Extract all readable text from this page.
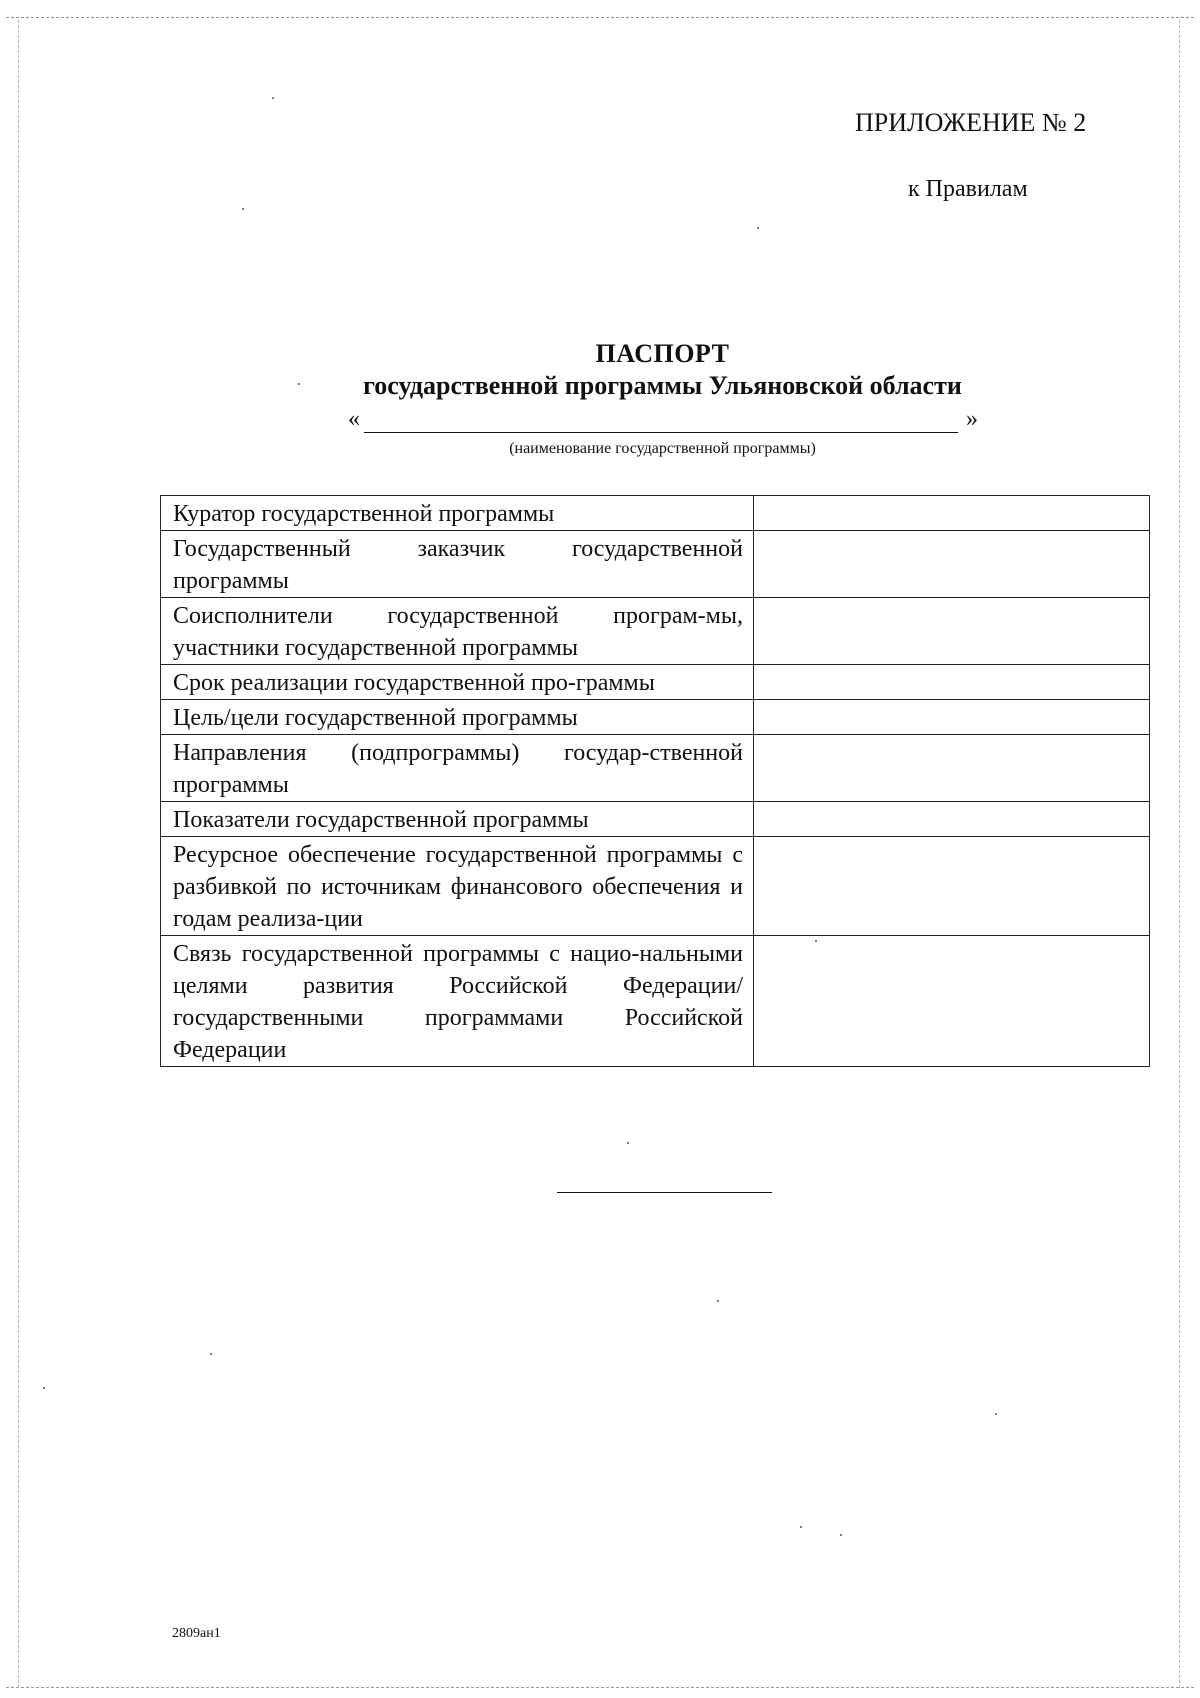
ПРИЛОЖЕНИЕ № 2
к Правилам
ПАСПОРТ
государственной программы Ульяновской области
«	»
(наименование государственной программы)
Куратор государственной программы	
Государственный заказчик государственной программы	
Соисполнители государственной програм-мы, участники государственной программы	
Срок реализации государственной про-граммы	
Цель/цели государственной программы	
Направления (подпрограммы) государ-ственной программы	
Показатели государственной программы	
Ресурсное обеспечение государственной программы с разбивкой по источникам финансового обеспечения и годам реализа-ции	
Связь государственной программы с нацио-нальными целями развития Российской Федерации/государственными программами Российской Федерации	
2809ан1
